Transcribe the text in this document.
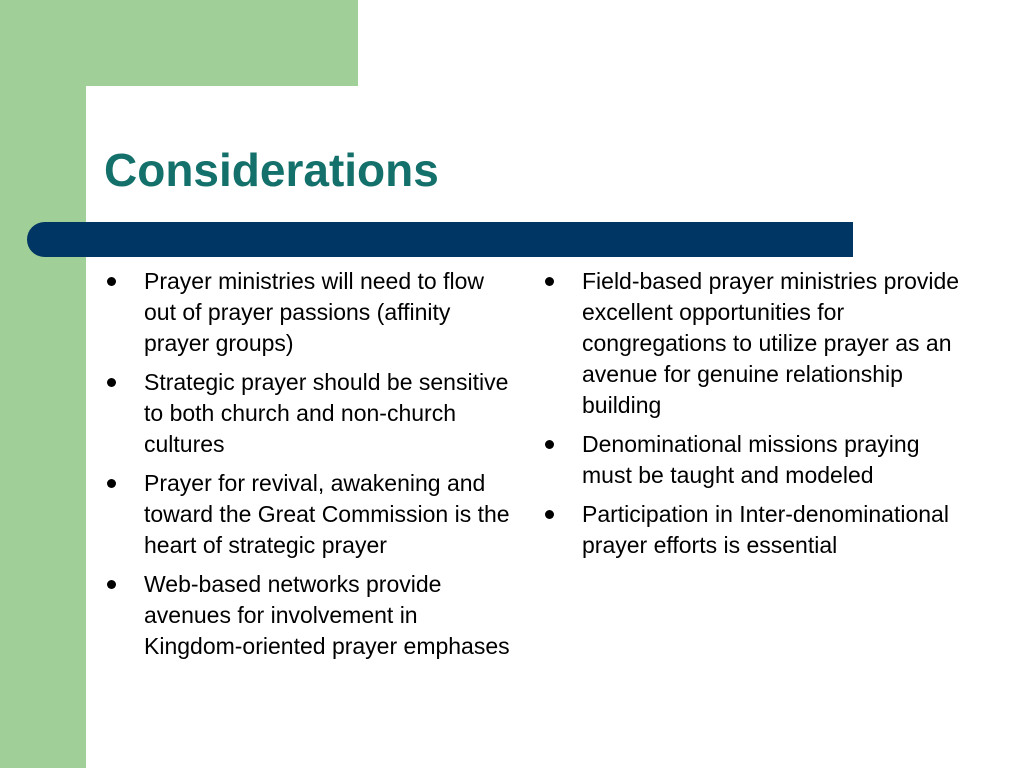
Considerations
Prayer ministries will need to flow out of prayer passions (affinity prayer groups)
Strategic prayer should be sensitive to both church and non-church cultures
Prayer for revival, awakening and toward the Great Commission is the heart of strategic prayer
Web-based networks provide avenues for involvement in Kingdom-oriented prayer emphases
Field-based prayer ministries provide excellent opportunities for congregations to utilize prayer as an avenue for genuine relationship building
Denominational missions praying must be taught and modeled
Participation in Inter-denominational prayer efforts is essential
